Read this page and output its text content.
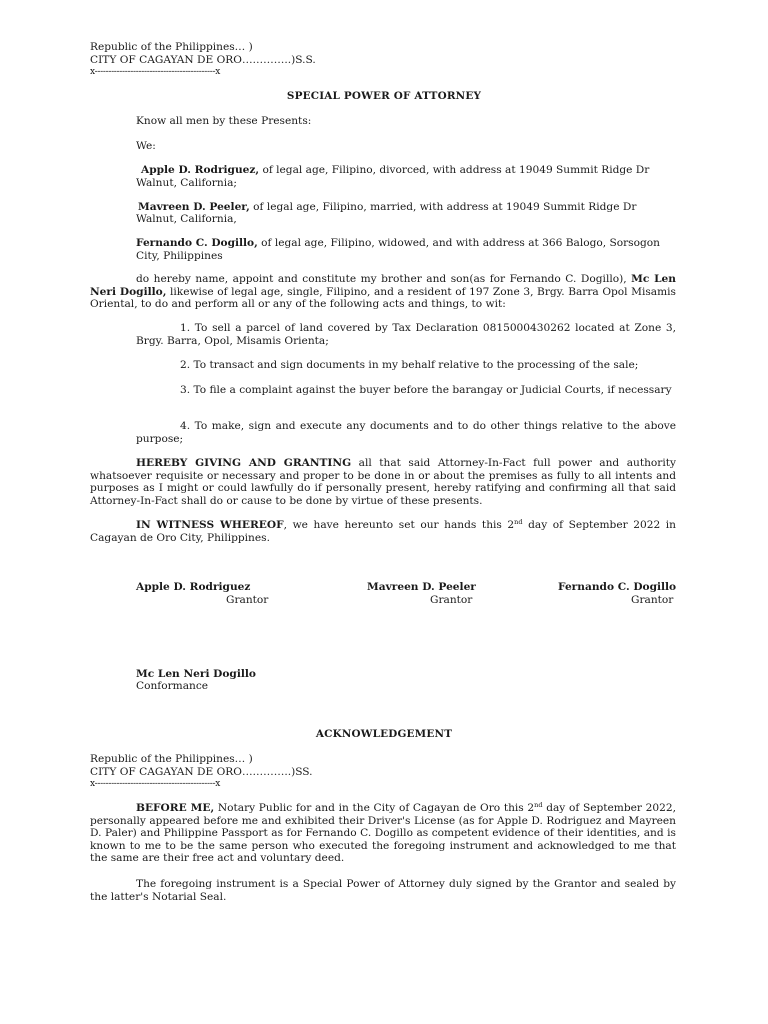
Republic of the Philippines… )
CITY OF CAGAYAN DE ORO…………..)S.S.
x--------------------------------------------x
SPECIAL POWER OF ATTORNEY
Know all men by these Presents:
We:
Apple D. Rodriguez, of legal age, Filipino, divorced, with address at 19049 Summit Ridge Dr
Walnut, California;
Mavreen D. Peeler, of legal age, Filipino, married, with address at 19049 Summit Ridge Dr
Walnut, California,
Fernando C. Dogillo, of legal age, Filipino, widowed, and with address at 366 Balogo, Sorsogon
City, Philippines
do hereby name, appoint and constitute my brother and son(as for Fernando C. Dogillo), Mc Len Neri Dogillo, likewise of legal age, single, Filipino, and a resident of 197 Zone 3, Brgy. Barra Opol Misamis Oriental, to do and perform all or any of the following acts and things, to wit:
1. To sell a parcel of land covered by Tax Declaration 0815000430262 located at Zone 3, Brgy. Barra, Opol, Misamis Orienta;
2. To transact and sign documents in my behalf relative to the processing of the sale;
3. To file a complaint against the buyer before the barangay or Judicial Courts, if necessary
4. To make, sign and execute any documents and to do other things relative to the above purpose;
HEREBY GIVING AND GRANTING all that said Attorney-In-Fact full power and authority whatsoever requisite or necessary and proper to be done in or about the premises as fully to all intents and purposes as I might or could lawfully do if personally present, hereby ratifying and confirming all that said Attorney-In-Fact shall do or cause to be done by virtue of these presents.
IN WITNESS WHEREOF, we have hereunto set our hands this 2nd day of September 2022 in Cagayan de Oro City, Philippines.
Apple D. Rodriguez
Grantor
Mavreen D. Peeler
Grantor
Fernando C. Dogillo
Grantor
Mc Len Neri Dogillo
Conformance
ACKNOWLEDGEMENT
Republic of the Philippines… )
CITY OF CAGAYAN DE ORO…………..)SS.
x--------------------------------------------x
BEFORE ME, Notary Public for and in the City of Cagayan de Oro this 2nd day of September 2022, personally appeared before me and exhibited their Driver's License (as for Apple D. Rodriguez and Mayreen D. Paler) and Philippine Passport as for Fernando C. Dogillo as competent evidence of their identities, and is known to me to be the same person who executed the foregoing instrument and acknowledged to me that the same are their free act and voluntary deed.
The foregoing instrument is a Special Power of Attorney duly signed by the Grantor and sealed by the latter's Notarial Seal.
